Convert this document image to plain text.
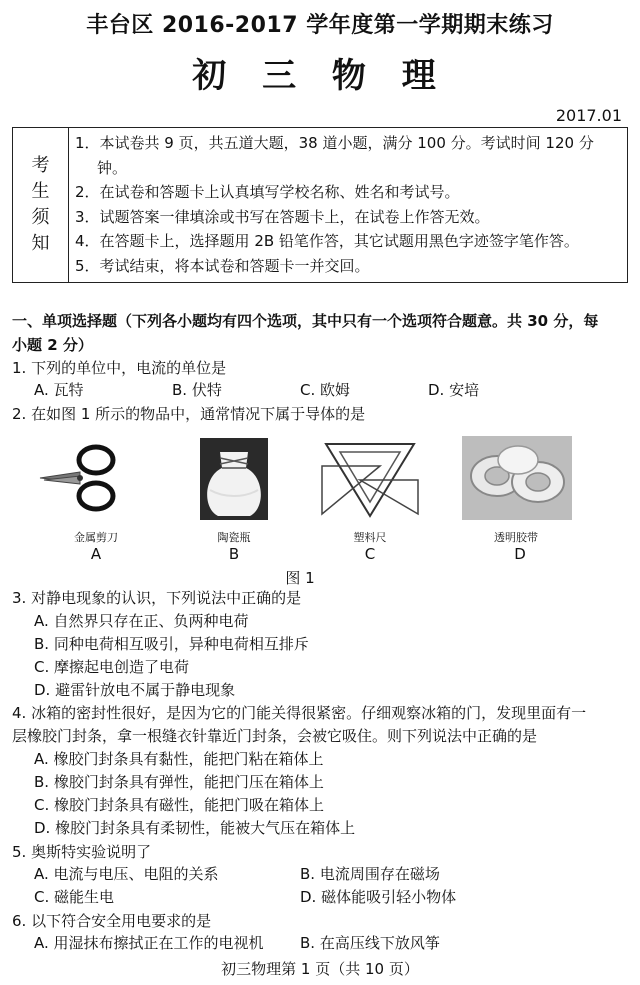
丰台区 2016-2017 学年度第一学期期末练习
初 三 物 理
2017.01
考
生
须
知
1．本试卷共 9 页，共五道大题，38 道小题，满分 100 分。考试时间 120 分
钟。
2．在试卷和答题卡上认真填写学校名称、姓名和考试号。
3．试题答案一律填涂或书写在答题卡上，在试卷上作答无效。
4．在答题卡上，选择题用 2B 铅笔作答，其它试题用黑色字迹签字笔作答。
5．考试结束，将本试卷和答题卡一并交回。
一、单项选择题（下列各小题均有四个选项，其中只有一个选项符合题意。共 30 分，每
小题 2 分）
1. 下列的单位中，电流的单位是
A. 瓦特	B. 伏特	C. 欧姆	D. 安培
2. 在如图 1 所示的物品中，通常情况下属于导体的是
金属剪刀	陶瓷瓶	塑料尺	透明胶带
A	B	C	D
图 1
3. 对静电现象的认识，下列说法中正确的是
A. 自然界只存在正、负两种电荷
B. 同种电荷相互吸引，异种电荷相互排斥
C. 摩擦起电创造了电荷
D. 避雷针放电不属于静电现象
4. 冰箱的密封性很好，是因为它的门能关得很紧密。仔细观察冰箱的门，发现里面有一
层橡胶门封条，拿一根缝衣针靠近门封条，会被它吸住。则下列说法中正确的是
A. 橡胶门封条具有黏性，能把门粘在箱体上
B. 橡胶门封条具有弹性，能把门压在箱体上
C. 橡胶门封条具有磁性，能把门吸在箱体上
D. 橡胶门封条具有柔韧性，能被大气压在箱体上
5. 奥斯特实验说明了
A. 电流与电压、电阻的关系	B. 电流周围存在磁场
C. 磁能生电	D. 磁体能吸引轻小物体
6. 以下符合安全用电要求的是
A. 用湿抹布擦拭正在工作的电视机 B. 在高压线下放风筝
初三物理第 1 页（共 10 页）
